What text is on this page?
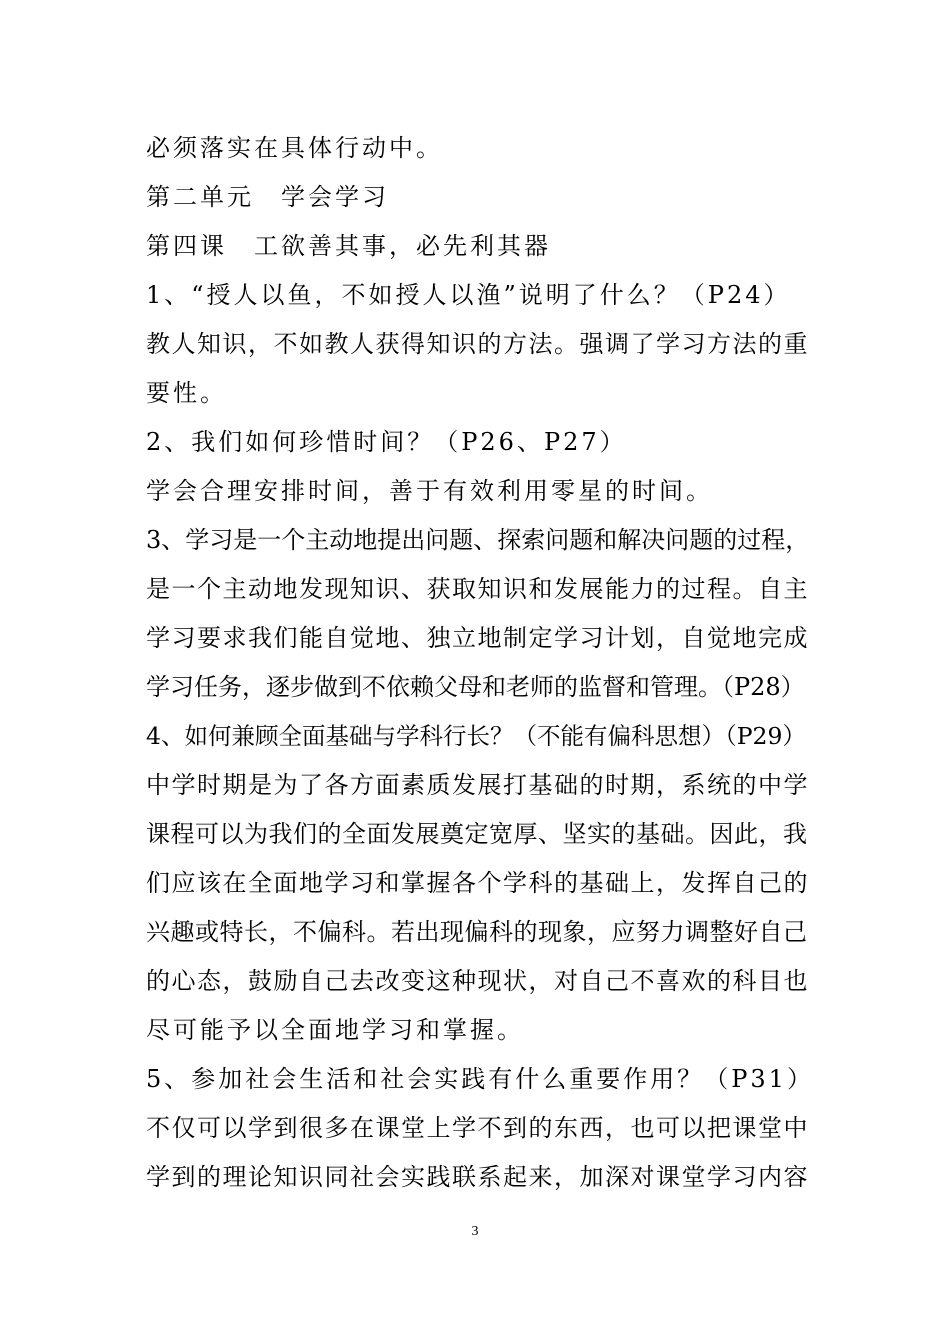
必须落实在具体行动中。
第二单元　学会学习
第四课　工欲善其事，必先利其器
1、“授人以鱼，不如授人以渔”说明了什么？（P24）
教人知识，不如教人获得知识的方法。强调了学习方法的重
要性。
2、我们如何珍惜时间？（P26、P27）
学会合理安排时间，善于有效利用零星的时间。
3、学习是一个主动地提出问题、探索问题和解决问题的过程，
是一个主动地发现知识、获取知识和发展能力的过程。自主
学习要求我们能自觉地、独立地制定学习计划，自觉地完成
学习任务，逐步做到不依赖父母和老师的监督和管理。（P28）
4、如何兼顾全面基础与学科行长？（不能有偏科思想）（P29）
中学时期是为了各方面素质发展打基础的时期，系统的中学
课程可以为我们的全面发展奠定宽厚、坚实的基础。因此，我
们应该在全面地学习和掌握各个学科的基础上，发挥自己的
兴趣或特长，不偏科。若出现偏科的现象，应努力调整好自己
的心态，鼓励自己去改变这种现状，对自己不喜欢的科目也
尽可能予以全面地学习和掌握。
5、参加社会生活和社会实践有什么重要作用？（P31）
不仅可以学到很多在课堂上学不到的东西，也可以把课堂中
学到的理论知识同社会实践联系起来，加深对课堂学习内容
3
